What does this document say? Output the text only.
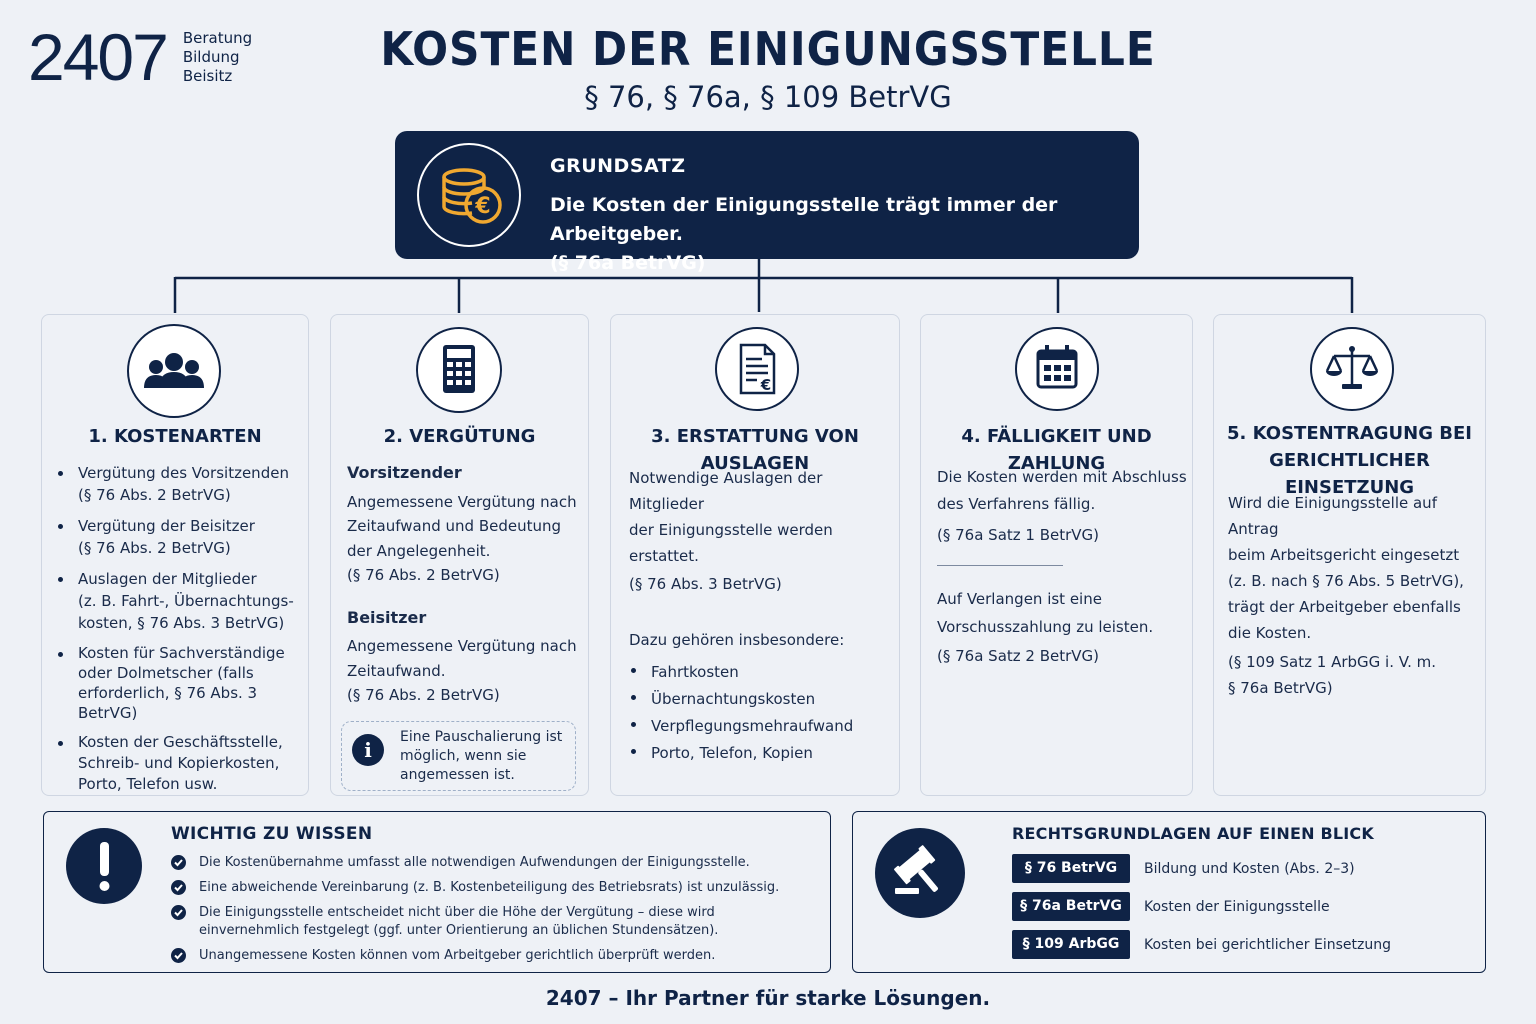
2407 Beratung
Bildung
Beisitz	KOSTEN DER EINIGUNGSSTELLE
§ 76, § 76a, § 109 BetrVG
€
GRUNDSATZ
Die Kosten der Einigungsstelle trägt immer der Arbeitgeber.
(§ 76a BetrVG)
1. KOSTENARTEN
Vergütung des Vorsitzenden
(§ 76 Abs. 2 BetrVG)
Vergütung der Beisitzer
(§ 76 Abs. 2 BetrVG)
Auslagen der Mitglieder
(z. B. Fahrt-, Übernachtungs-
kosten, § 76 Abs. 3 BetrVG)
Kosten für Sachverständige
oder Dolmetscher (falls
erforderlich, § 76 Abs. 3 BetrVG)
Kosten der Geschäftsstelle,
Schreib- und Kopierkosten,
Porto, Telefon usw.
2. VERGÜTUNG
Vorsitzender
Angemessene Vergütung nach
Zeitaufwand und Bedeutung
der Angelegenheit.
(§ 76 Abs. 2 BetrVG)
Beisitzer
Angemessene Vergütung nach
Zeitaufwand.
(§ 76 Abs. 2 BetrVG)
i
Eine Pauschalierung ist
möglich, wenn sie
angemessen ist.
€
3. ERSTATTUNG VON AUSLAGEN
Notwendige Auslagen der Mitglieder
der Einigungsstelle werden
erstattet.
(§ 76 Abs. 3 BetrVG)
Dazu gehören insbesondere:
Fahrtkosten
Übernachtungskosten
Verpflegungsmehraufwand
Porto, Telefon, Kopien
4. FÄLLIGKEIT UND ZAHLUNG
Die Kosten werden mit Abschluss
des Verfahrens fällig.
(§ 76a Satz 1 BetrVG)
Auf Verlangen ist eine
Vorschusszahlung zu leisten.
(§ 76a Satz 2 BetrVG)
5. KOSTENTRAGUNG BEI
GERICHTLICHER EINSETZUNG
Wird die Einigungsstelle auf Antrag
beim Arbeitsgericht eingesetzt
(z. B. nach § 76 Abs. 5 BetrVG),
trägt der Arbeitgeber ebenfalls
die Kosten.
(§ 109 Satz 1 ArbGG i. V. m.
§ 76a BetrVG)
WICHTIG ZU WISSEN
Die Kostenübernahme umfasst alle notwendigen Aufwendungen der Einigungsstelle.
Eine abweichende Vereinbarung (z. B. Kostenbeteiligung des Betriebsrats) ist unzulässig.
Die Einigungsstelle entscheidet nicht über die Höhe der Vergütung – diese wird
einvernehmlich festgelegt (ggf. unter Orientierung an üblichen Stundensätzen).
Unangemessene Kosten können vom Arbeitgeber gerichtlich überprüft werden.
RECHTSGRUNDLAGEN AUF EINEN BLICK
§ 76 BetrVG	Bildung und Kosten (Abs. 2–3)
§ 76a BetrVG	Kosten der Einigungsstelle
§ 109 ArbGG	Kosten bei gerichtlicher Einsetzung
2407 – Ihr Partner für starke Lösungen.
